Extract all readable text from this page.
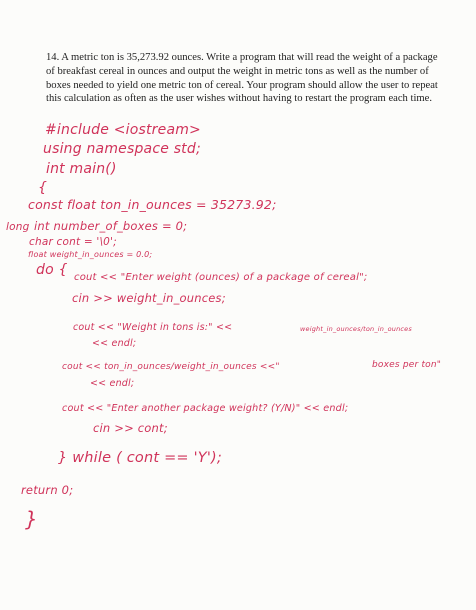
14. A metric ton is 35,273.92 ounces. Write a program that will read the weight of a package of breakfast cereal in ounces and output the weight in metric tons as well as the number of boxes needed to yield one metric ton of cereal. Your program should allow the user to repeat this calculation as often as the user wishes without having to restart the program each time.
#include <iostream>
using namespace std;
int main()
{
const float ton_in_ounces = 35273.92;
long int number_of_boxes = 0;
char cont = '\0';
float weight_in_ounces = 0.0;
do { cout << "Enter weight (ounces) of a package of cereal";
cin >> weight_in_ounces;
cout << "Weight in tons is:" <<	weight_in_ounces/ton_in_ounces
<< endl;
cout << ton_in_ounces/weight_in_ounces <<"	boxes per ton"
<< endl;
cout << "Enter another package weight? (Y/N)" << endl;
cin >> cont;
} while ( cont == 'Y');
return 0;
}
